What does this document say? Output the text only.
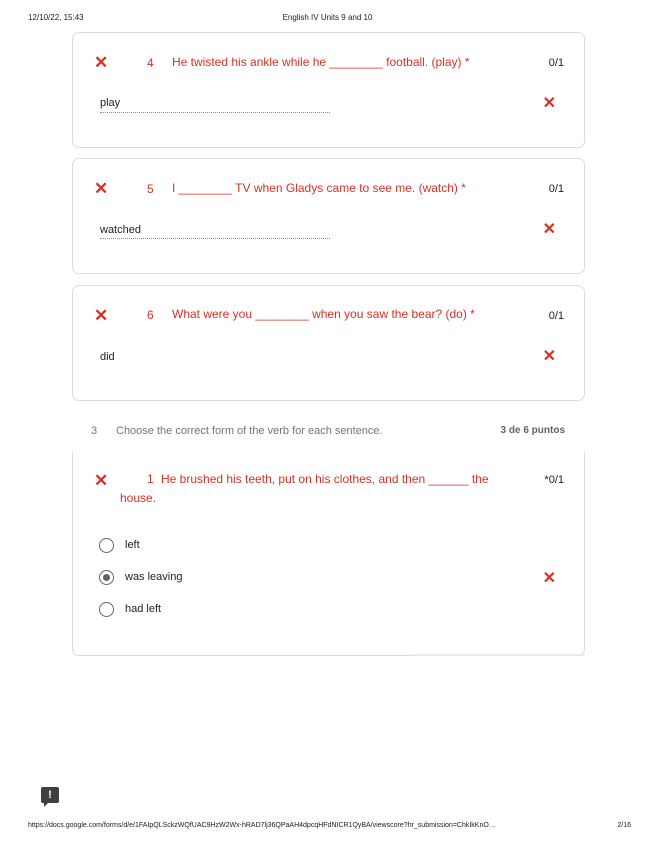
12/10/22, 15:43	English IV Units 9 and 10
✕	4 He twisted his ankle while he ________ football. (play) *	0/1
play	✕
✕	5 I ________ TV when Gladys came to see me. (watch) *	0/1
watched	✕
✕	6 What were you ________ when you saw the bear? (do) *	0/1
did	✕
3 Choose the correct form of the verb for each sentence.	3 de 6 puntos
✕	1 He brushed his teeth, put on his clothes, and then ______ the
house.
*0/1
left
was leaving	✕
had left
!
https://docs.google.com/forms/d/e/1FAIpQLSckzWQfUAC9HzW2Wx-hRAD7lj36QPaAH4dpcqHFdNICR1QyBA/viewscore?hr_submission=ChkIkKnO…	2/16
